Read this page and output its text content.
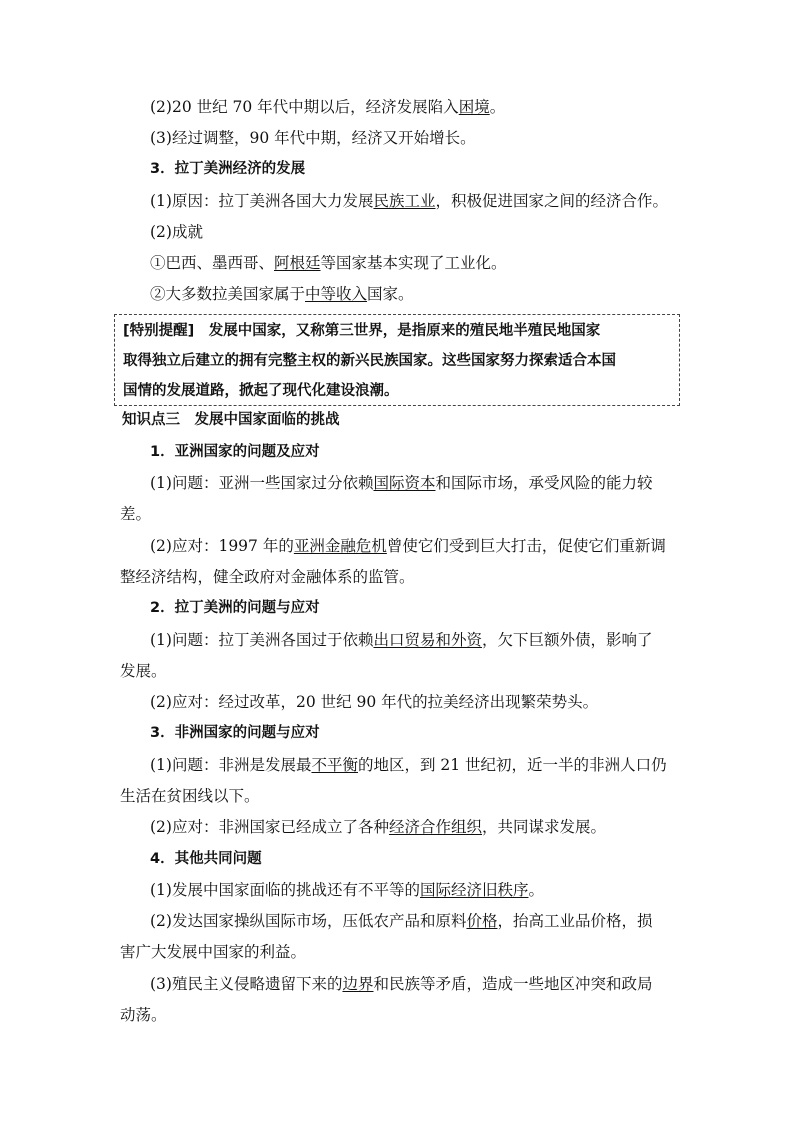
(2)20 世纪 70 年代中期以后，经济发展陷入困境。
(3)经过调整，90 年代中期，经济又开始增长。
3．拉丁美洲经济的发展
(1)原因：拉丁美洲各国大力发展民族工业，积极促进国家之间的经济合作。
(2)成就
①巴西、墨西哥、阿根廷等国家基本实现了工业化。
②大多数拉美国家属于中等收入国家。
[特别提醒]　发展中国家，又称第三世界，是指原来的殖民地半殖民地国家
取得独立后建立的拥有完整主权的新兴民族国家。这些国家努力探索适合本国
国情的发展道路，掀起了现代化建设浪潮。
知识点三　发展中国家面临的挑战
1．亚洲国家的问题及应对
(1)问题：亚洲一些国家过分依赖国际资本和国际市场，承受风险的能力较
差。
(2)应对：1997 年的亚洲金融危机曾使它们受到巨大打击，促使它们重新调
整经济结构，健全政府对金融体系的监管。
2．拉丁美洲的问题与应对
(1)问题：拉丁美洲各国过于依赖出口贸易和外资，欠下巨额外债，影响了
发展。
(2)应对：经过改革，20 世纪 90 年代的拉美经济出现繁荣势头。
3．非洲国家的问题与应对
(1)问题：非洲是发展最不平衡的地区，到 21 世纪初，近一半的非洲人口仍
生活在贫困线以下。
(2)应对：非洲国家已经成立了各种经济合作组织，共同谋求发展。
4．其他共同问题
(1)发展中国家面临的挑战还有不平等的国际经济旧秩序。
(2)发达国家操纵国际市场，压低农产品和原料价格，抬高工业品价格，损
害广大发展中国家的利益。
(3)殖民主义侵略遗留下来的边界和民族等矛盾，造成一些地区冲突和政局
动荡。
